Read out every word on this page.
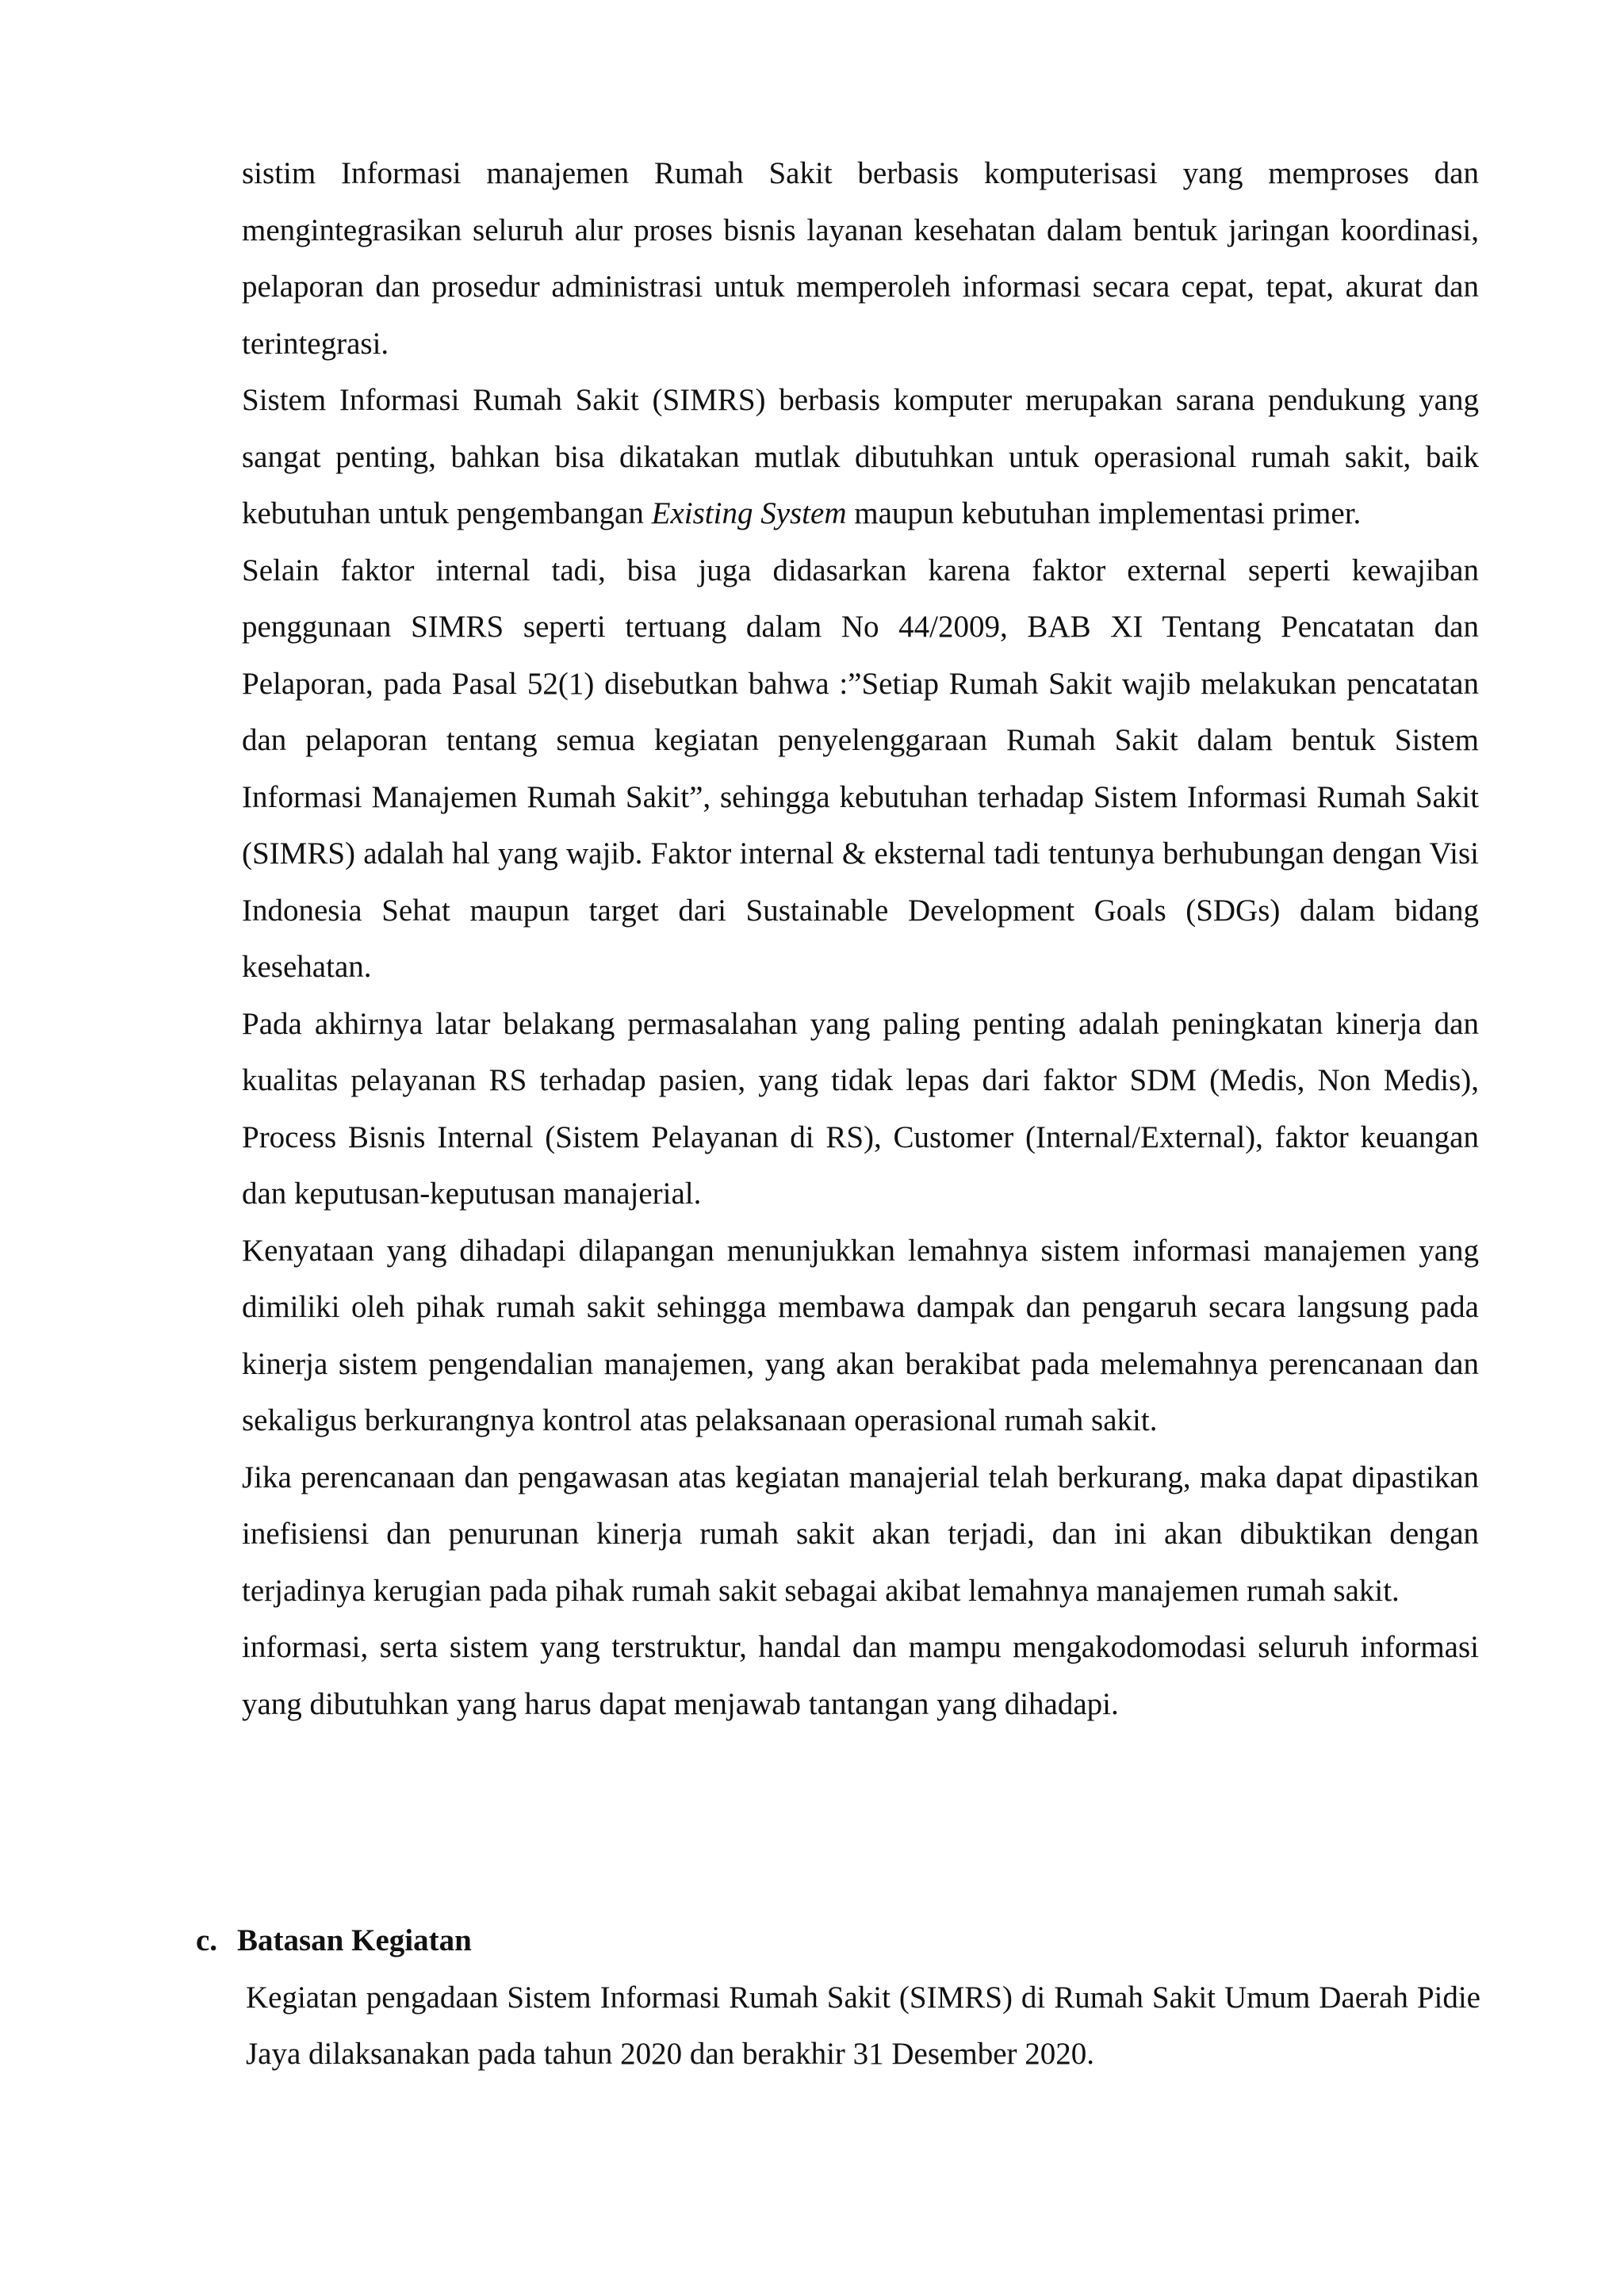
sistim Informasi manajemen Rumah Sakit berbasis komputerisasi yang memproses dan mengintegrasikan seluruh alur proses bisnis layanan kesehatan dalam bentuk jaringan koordinasi, pelaporan dan prosedur administrasi untuk memperoleh informasi secara cepat, tepat, akurat dan terintegrasi.

Sistem Informasi Rumah Sakit (SIMRS) berbasis komputer merupakan sarana pendukung yang sangat penting, bahkan bisa dikatakan mutlak dibutuhkan untuk operasional rumah sakit, baik kebutuhan untuk pengembangan Existing System maupun kebutuhan implementasi primer.

Selain faktor internal tadi, bisa juga didasarkan karena faktor external seperti kewajiban penggunaan SIMRS seperti tertuang dalam No 44/2009, BAB XI Tentang Pencatatan dan Pelaporan, pada Pasal 52(1) disebutkan bahwa :”Setiap Rumah Sakit wajib melakukan pencatatan dan pelaporan tentang semua kegiatan penyelenggaraan Rumah Sakit dalam bentuk Sistem Informasi Manajemen Rumah Sakit”, sehingga kebutuhan terhadap Sistem Informasi Rumah Sakit (SIMRS) adalah hal yang wajib. Faktor internal & eksternal tadi tentunya berhubungan dengan Visi Indonesia Sehat maupun target dari Sustainable Development Goals (SDGs) dalam bidang kesehatan.

Pada akhirnya latar belakang permasalahan yang paling penting adalah peningkatan kinerja dan kualitas pelayanan RS terhadap pasien, yang tidak lepas dari faktor SDM (Medis, Non Medis), Process Bisnis Internal (Sistem Pelayanan di RS), Customer (Internal/External), faktor keuangan dan keputusan-keputusan manajerial.

Kenyataan yang dihadapi dilapangan menunjukkan lemahnya sistem informasi manajemen yang dimiliki oleh pihak rumah sakit sehingga membawa dampak dan pengaruh secara langsung pada kinerja sistem pengendalian manajemen, yang akan berakibat pada melemahnya perencanaan dan sekaligus berkurangnya kontrol atas pelaksanaan operasional rumah sakit.

Jika perencanaan dan pengawasan atas kegiatan manajerial telah berkurang, maka dapat dipastikan inefisiensi dan penurunan kinerja rumah sakit akan terjadi, dan ini akan dibuktikan dengan terjadinya kerugian pada pihak rumah sakit sebagai akibat lemahnya manajemen rumah sakit.

informasi, serta sistem yang terstruktur, handal dan mampu mengakodomodasi seluruh informasi yang dibutuhkan yang harus dapat menjawab tantangan yang dihadapi.

c. Batasan Kegiatan

Kegiatan pengadaan Sistem Informasi Rumah Sakit (SIMRS) di Rumah Sakit Umum Daerah Pidie Jaya dilaksanakan pada tahun 2020 dan berakhir 31 Desember 2020.
